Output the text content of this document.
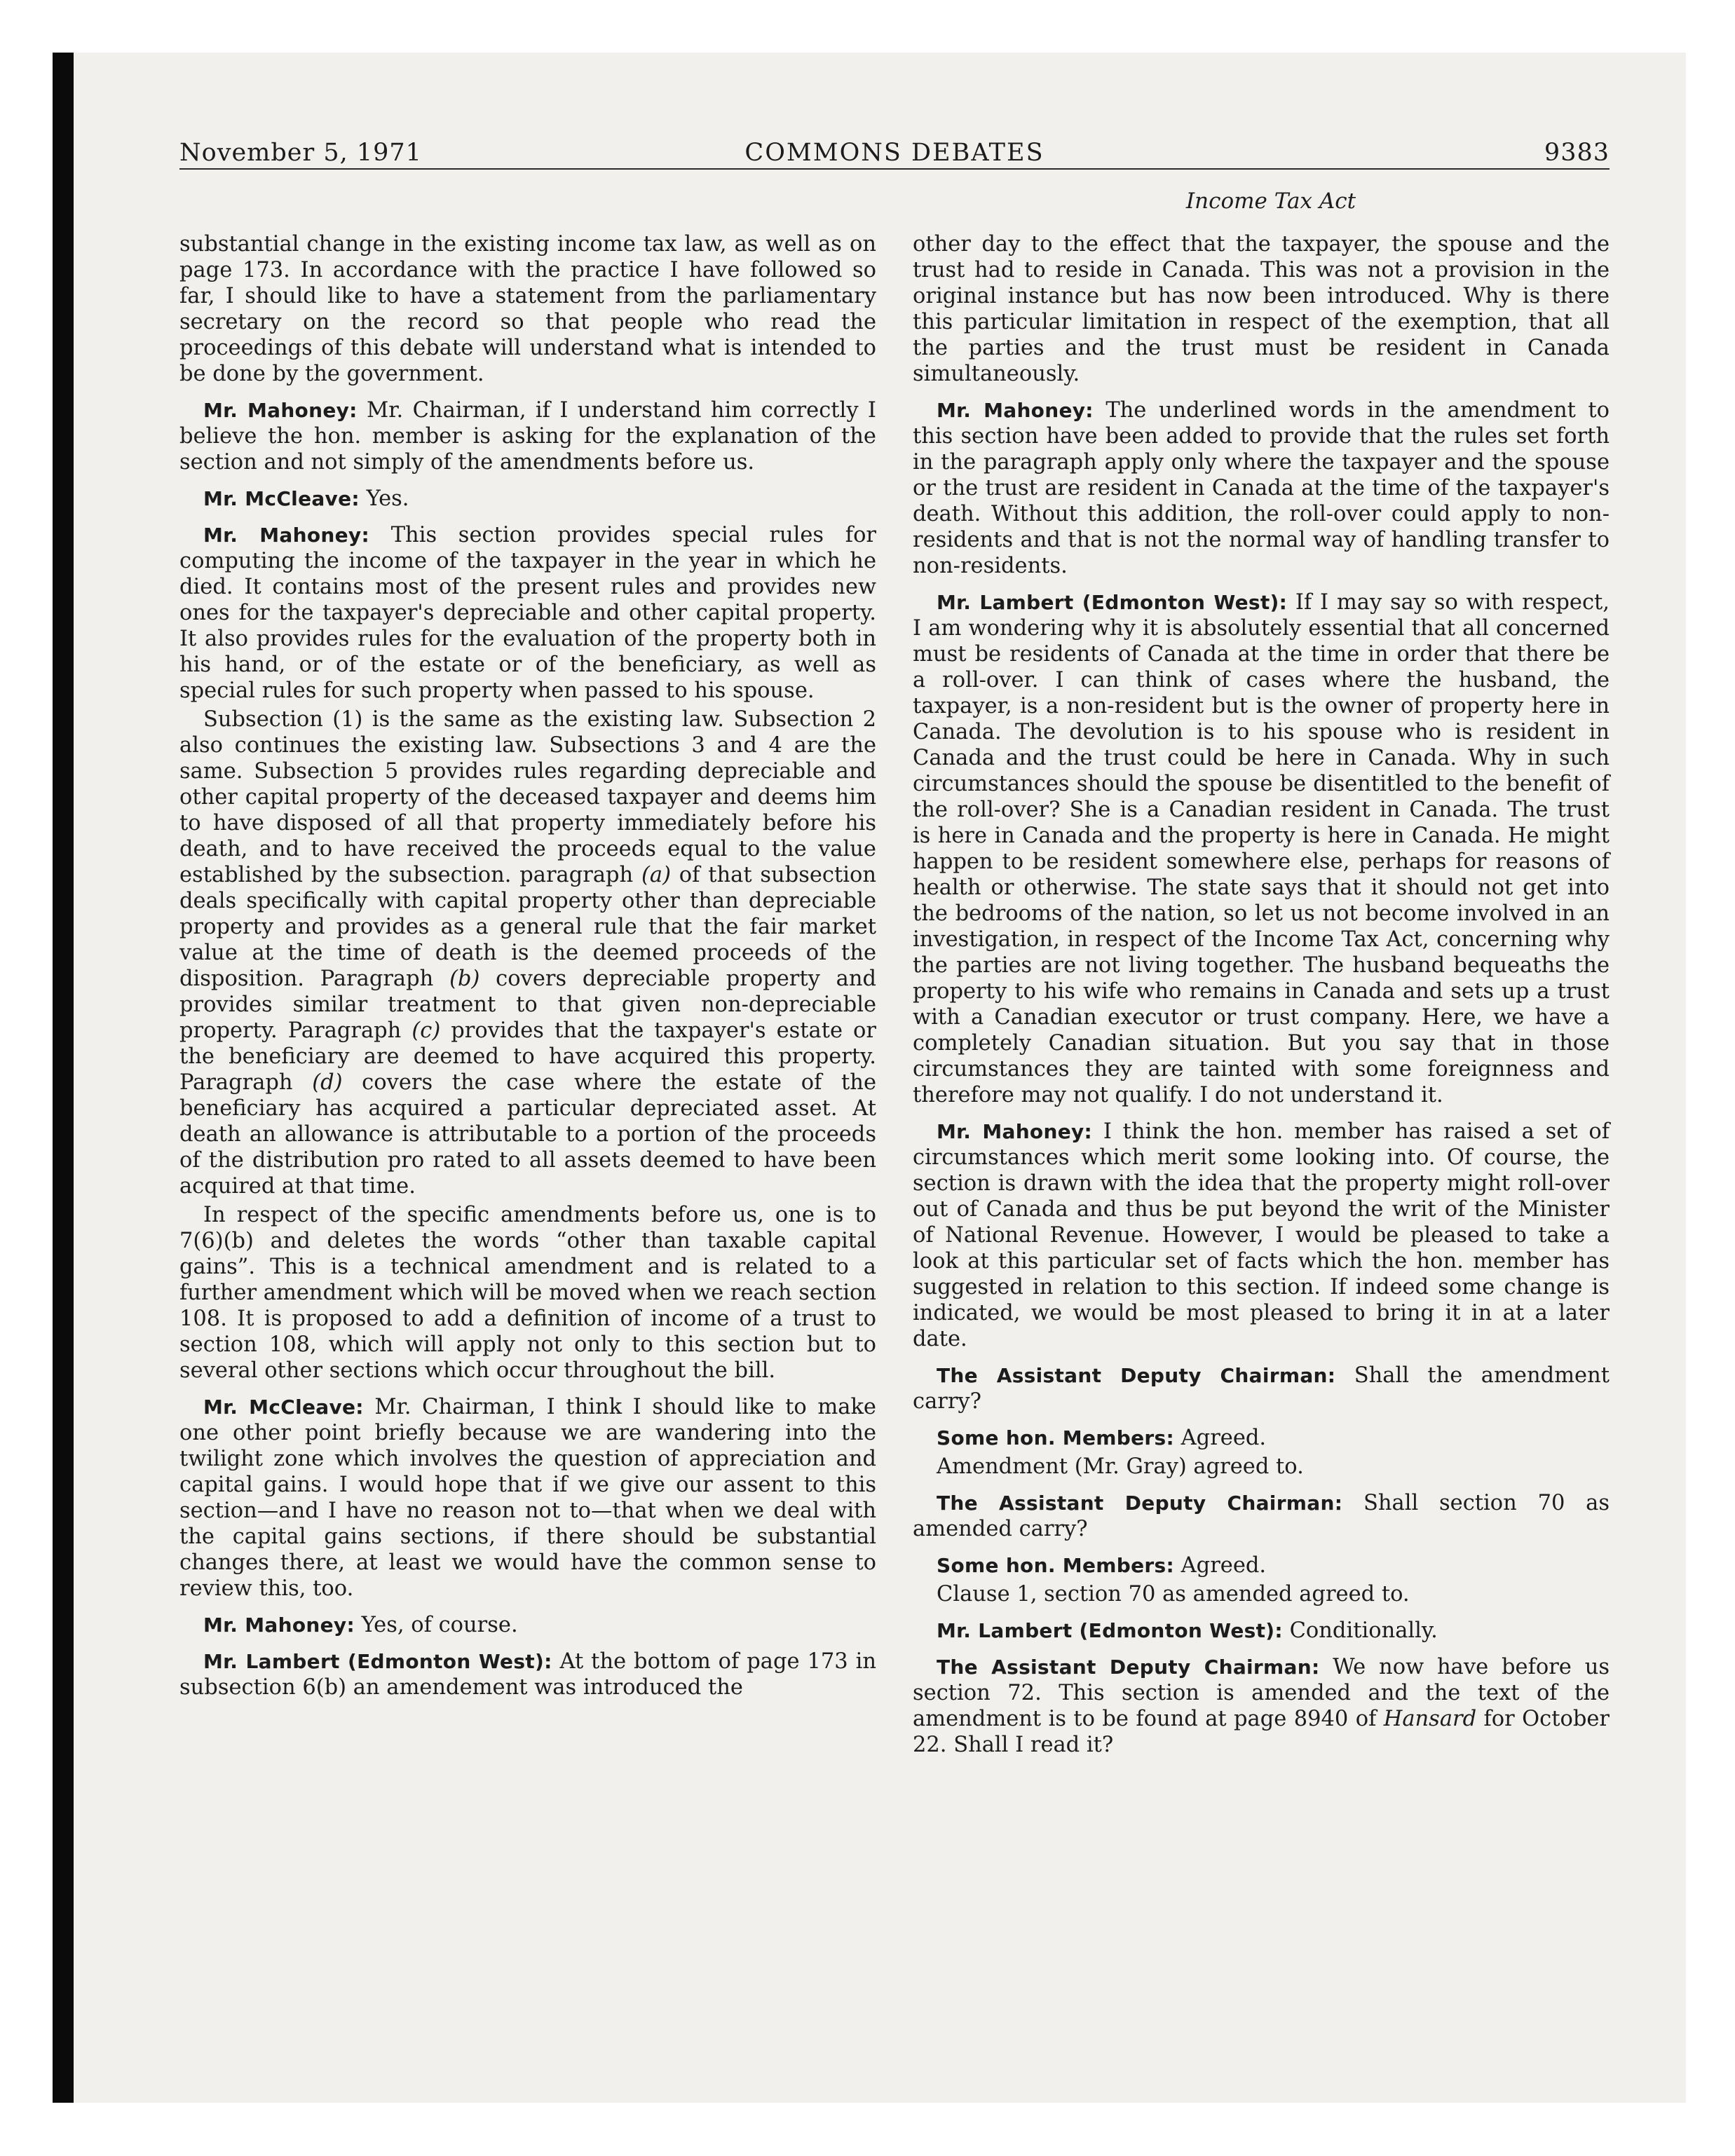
November 5, 1971	COMMONS DEBATES	9383
Income Tax Act

substantial change in the existing income tax law, as well as on page 173. In accordance with the practice I have followed so far, I should like to have a statement from the parliamentary secretary on the record so that people who read the proceedings of this debate will understand what is intended to be done by the government.

Mr. Mahoney: Mr. Chairman, if I understand him correctly I believe the hon. member is asking for the explanation of the section and not simply of the amendments before us.

Mr. McCleave: Yes.

Mr. Mahoney: This section provides special rules for computing the income of the taxpayer in the year in which he died. It contains most of the present rules and provides new ones for the taxpayer's depreciable and other capital property. It also provides rules for the evaluation of the property both in his hand, or of the estate or of the beneficiary, as well as special rules for such property when passed to his spouse.

Subsection (1) is the same as the existing law. Subsection 2 also continues the existing law. Subsections 3 and 4 are the same. Subsection 5 provides rules regarding depreciable and other capital property of the deceased taxpayer and deems him to have disposed of all that property immediately before his death, and to have received the proceeds equal to the value established by the subsection. paragraph (a) of that subsection deals specifically with capital property other than depreciable property and provides as a general rule that the fair market value at the time of death is the deemed proceeds of the disposition. Paragraph (b) covers depreciable property and provides similar treatment to that given non-depreciable property. Paragraph (c) provides that the taxpayer's estate or the beneficiary are deemed to have acquired this property. Paragraph (d) covers the case where the estate of the beneficiary has acquired a particular depreciated asset. At death an allowance is attributable to a portion of the proceeds of the distribution pro rated to all assets deemed to have been acquired at that time.

In respect of the specific amendments before us, one is to 7(6)(b) and deletes the words “other than taxable capital gains”. This is a technical amendment and is related to a further amendment which will be moved when we reach section 108. It is proposed to add a definition of income of a trust to section 108, which will apply not only to this section but to several other sections which occur throughout the bill.

Mr. McCleave: Mr. Chairman, I think I should like to make one other point briefly because we are wandering into the twilight zone which involves the question of appreciation and capital gains. I would hope that if we give our assent to this section—and I have no reason not to—that when we deal with the capital gains sections, if there should be substantial changes there, at least we would have the common sense to review this, too.

Mr. Mahoney: Yes, of course.

Mr. Lambert (Edmonton West): At the bottom of page 173 in subsection 6(b) an amendement was introduced the

other day to the effect that the taxpayer, the spouse and the trust had to reside in Canada. This was not a provision in the original instance but has now been introduced. Why is there this particular limitation in respect of the exemption, that all the parties and the trust must be resident in Canada simultaneously.

Mr. Mahoney: The underlined words in the amendment to this section have been added to provide that the rules set forth in the paragraph apply only where the taxpayer and the spouse or the trust are resident in Canada at the time of the taxpayer's death. Without this addition, the roll-over could apply to non-residents and that is not the normal way of handling transfer to non-residents.

Mr. Lambert (Edmonton West): If I may say so with respect, I am wondering why it is absolutely essential that all concerned must be residents of Canada at the time in order that there be a roll-over. I can think of cases where the husband, the taxpayer, is a non-resident but is the owner of property here in Canada. The devolution is to his spouse who is resident in Canada and the trust could be here in Canada. Why in such circumstances should the spouse be disentitled to the benefit of the roll-over? She is a Canadian resident in Canada. The trust is here in Canada and the property is here in Canada. He might happen to be resident somewhere else, perhaps for reasons of health or otherwise. The state says that it should not get into the bedrooms of the nation, so let us not become involved in an investigation, in respect of the Income Tax Act, concerning why the parties are not living together. The husband bequeaths the property to his wife who remains in Canada and sets up a trust with a Canadian executor or trust company. Here, we have a completely Canadian situation. But you say that in those circumstances they are tainted with some foreignness and therefore may not qualify. I do not understand it.

Mr. Mahoney: I think the hon. member has raised a set of circumstances which merit some looking into. Of course, the section is drawn with the idea that the property might roll-over out of Canada and thus be put beyond the writ of the Minister of National Revenue. However, I would be pleased to take a look at this particular set of facts which the hon. member has suggested in relation to this section. If indeed some change is indicated, we would be most pleased to bring it in at a later date.

The Assistant Deputy Chairman: Shall the amendment carry?

Some hon. Members: Agreed.

Amendment (Mr. Gray) agreed to.

The Assistant Deputy Chairman: Shall section 70 as amended carry?

Some hon. Members: Agreed.

Clause 1, section 70 as amended agreed to.

Mr. Lambert (Edmonton West): Conditionally.

The Assistant Deputy Chairman: We now have before us section 72. This section is amended and the text of the amendment is to be found at page 8940 of Hansard for October 22. Shall I read it?
